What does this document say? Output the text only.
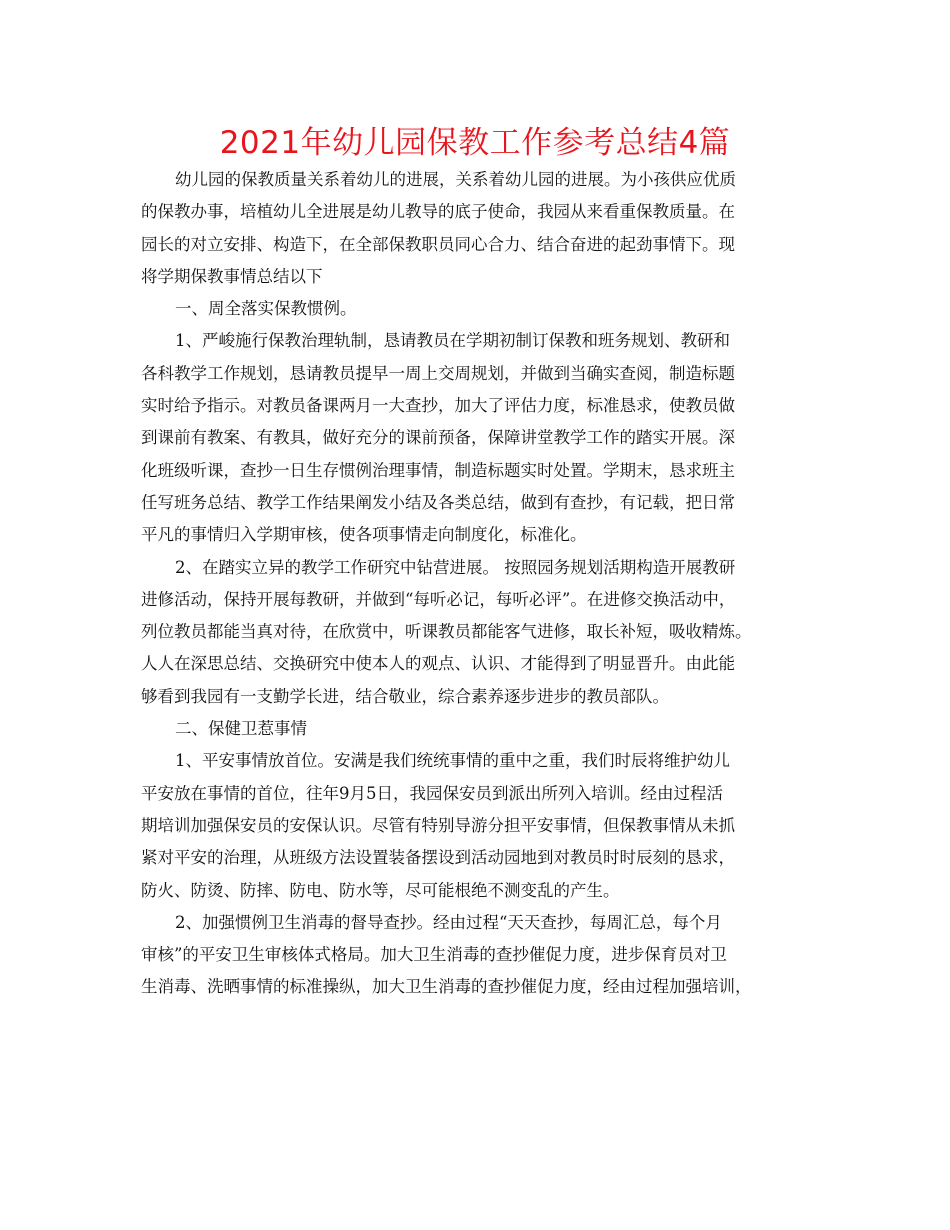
2021年幼儿园保教工作参考总结4篇

幼儿园的保教质量关系着幼儿的进展，关系着幼儿园的进展。为小孩供应优质
的保教办事，培植幼儿全进展是幼儿教导的底子使命，我园从来看重保教质量。在
园长的对立安排、构造下，在全部保教职员同心合力、结合奋进的起劲事情下。现
将学期保教事情总结以下

一、周全落实保教惯例。

1、严峻施行保教治理轨制，恳请教员在学期初制订保教和班务规划、教研和
各科教学工作规划，恳请教员提早一周上交周规划，并做到当确实查阅，制造标题
实时给予指示。对教员备课两月一大查抄，加大了评估力度，标准恳求，使教员做
到课前有教案、有教具，做好充分的课前预备，保障讲堂教学工作的踏实开展。深
化班级听课，查抄一日生存惯例治理事情，制造标题实时处置。学期末，恳求班主
任写班务总结、教学工作结果阐发小结及各类总结，做到有查抄，有记载，把日常
平凡的事情归入学期审核，使各项事情走向制度化，标准化。

2、在踏实立异的教学工作研究中钻营进展。 按照园务规划活期构造开展教研
进修活动，保持开展每教研，并做到“每听必记，每听必评”。在进修交换活动中，
列位教员都能当真对待，在欣赏中，听课教员都能客气进修，取长补短，吸收精炼。
人人在深思总结、交换研究中使本人的观点、认识、才能得到了明显晋升。由此能
够看到我园有一支勤学长进，结合敬业，综合素养逐步进步的教员部队。

二、保健卫惹事情

1、平安事情放首位。安满是我们统统事情的重中之重，我们时辰将维护幼儿
平安放在事情的首位，往年9月5日，我园保安员到派出所列入培训。经由过程活
期培训加强保安员的安保认识。尽管有特别导游分担平安事情，但保教事情从未抓
紧对平安的治理，从班级方法设置装备摆设到活动园地到对教员时时辰刻的恳求，
防火、防烫、防摔、防电、防水等，尽可能根绝不测变乱的产生。

2、加强惯例卫生消毒的督导查抄。经由过程“天天查抄，每周汇总，每个月
审核”的平安卫生审核体式格局。加大卫生消毒的查抄催促力度，进步保育员对卫
生消毒、洗晒事情的标准操纵，加大卫生消毒的查抄催促力度，经由过程加强培训，
